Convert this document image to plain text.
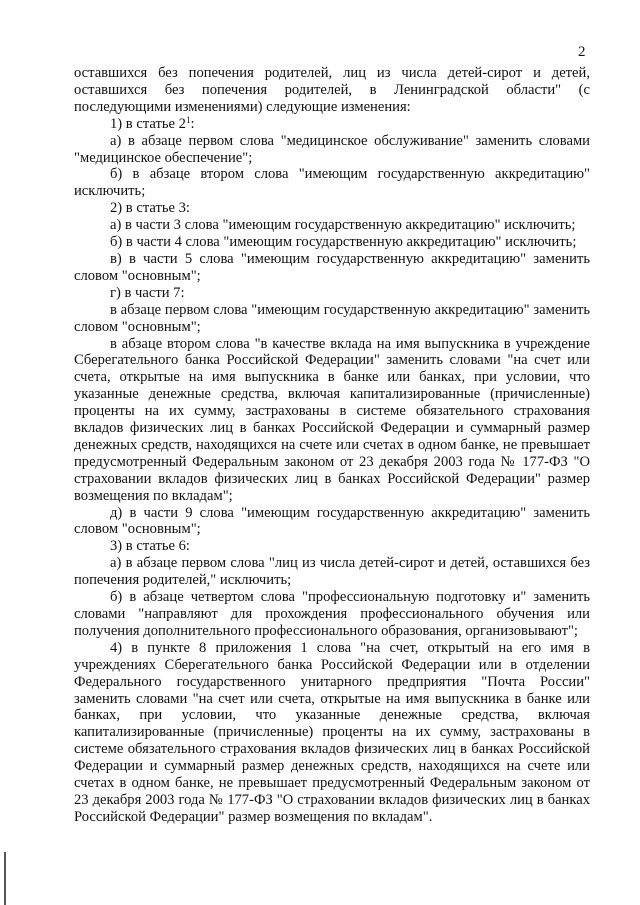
2

оставшихся без попечения родителей, лиц из числа детей-сирот и детей, оставшихся без попечения родителей, в Ленинградской области" (с последующими изменениями) следующие изменения:

1) в статье $2^1$:

а) в абзаце первом слова "медицинское обслуживание" заменить словами "медицинское обеспечение";

б) в абзаце втором слова "имеющим государственную аккредитацию" исключить;

2) в статье 3:

а) в части 3 слова "имеющим государственную аккредитацию" исключить;

б) в части 4 слова "имеющим государственную аккредитацию" исключить;

в) в части 5 слова "имеющим государственную аккредитацию" заменить словом "основным";

г) в части 7:

в абзаце первом слова "имеющим государственную аккредитацию" заменить словом "основным";

в абзаце втором слова "в качестве вклада на имя выпускника в учреждение Сберегательного банка Российской Федерации" заменить словами "на счет или счета, открытые на имя выпускника в банке или банках, при условии, что указанные денежные средства, включая капитализированные (причисленные) проценты на их сумму, застрахованы в системе обязательного страхования вкладов физических лиц в банках Российской Федерации и суммарный размер денежных средств, находящихся на счете или счетах в одном банке, не превышает предусмотренный Федеральным законом от 23 декабря 2003 года № 177-ФЗ "О страховании вкладов физических лиц в банках Российской Федерации" размер возмещения по вкладам";

д) в части 9 слова "имеющим государственную аккредитацию" заменить словом "основным";

3) в статье 6:

а) в абзаце первом слова "лиц из числа детей-сирот и детей, оставшихся без попечения родителей," исключить;

б) в абзаце четвертом слова "профессиональную подготовку и" заменить словами "направляют для прохождения профессионального обучения или получения дополнительного профессионального образования, организовывают";

4) в пункте 8 приложения 1 слова "на счет, открытый на его имя в учреждениях Сберегательного банка Российской Федерации или в отделении Федерального государственного унитарного предприятия "Почта России" заменить словами "на счет или счета, открытые на имя выпускника в банке или банках, при условии, что указанные денежные средства, включая капитализированные (причисленные) проценты на их сумму, застрахованы в системе обязательного страхования вкладов физических лиц в банках Российской Федерации и суммарный размер денежных средств, находящихся на счете или счетах в одном банке, не превышает предусмотренный Федеральным законом от 23 декабря 2003 года № 177-ФЗ "О страховании вкладов физических лиц в банках Российской Федерации" размер возмещения по вкладам".
